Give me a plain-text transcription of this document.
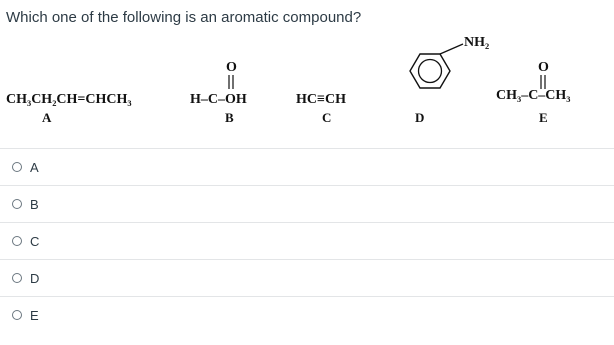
Which one of the following is an aromatic compound?
CH₃CH₂CH=CHCH₃
A
O
H–C–OH
B
HC≡CH
C
NH₂
D
O
CH₃–C–CH₃
E
A
B
C
D
E
